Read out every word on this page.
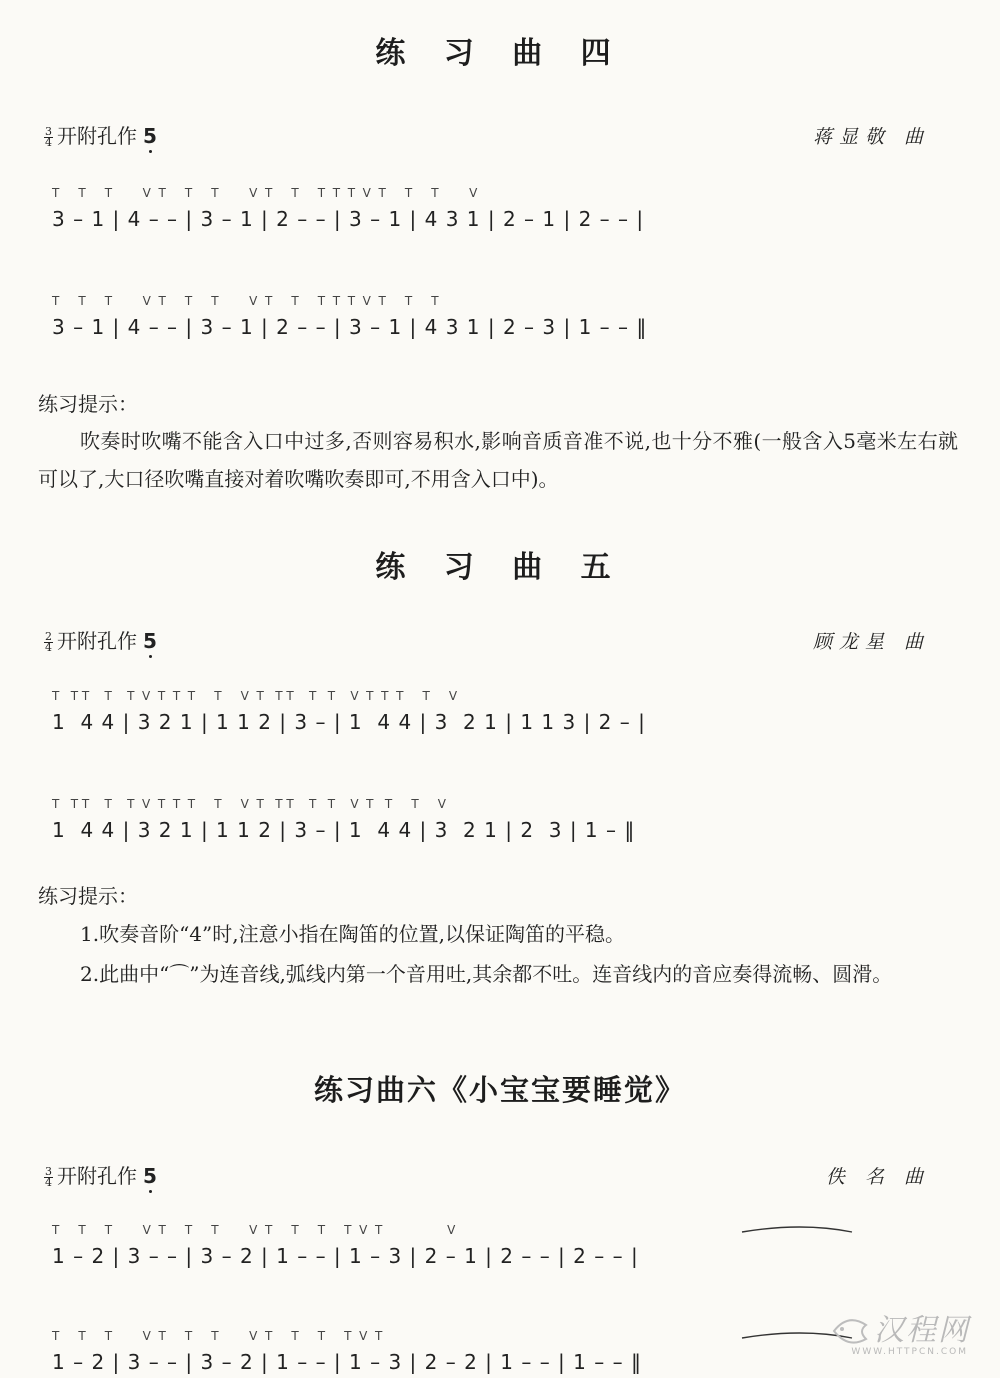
练 习 曲 四
$\frac{3}{4}$ 开附孔作 5	蒋显敬 曲
T     T     T        V  T     T     T        V  T     T     T  T  T  V  T     T     T        V
3 – 1 | 4 – – | 3 – 1 | 2 – – | 3 – 1 | 4 3 1 | 2 – 1 | 2 – – |
T     T     T        V  T     T     T        V  T     T     T  T  T  V  T     T     T
3 – 1 | 4 – – | 3 – 1 | 2 – – | 3 – 1 | 4 3 1 | 2 – 3 | 1 – – ‖
练习提示：
吹奏时吹嘴不能含入口中过多,否则容易积水,影响音质音准不说,也十分不雅(一般含入5毫米左右就可以了,大口径吹嘴直接对着吹嘴吹奏即可,不用含入口中)。
练 习 曲 五
$\frac{2}{4}$ 开附孔作 5	顾龙星 曲
T   T T    T    T  V  T  T  T     T     V  T   T T    T   T    V  T  T  T     T     V
1  4 4 | 3 2 1 | 1 1 2 | 3 – | 1  4 4 | 3  2 1 | 1 1 3 | 2 – |
T   T T    T    T  V  T  T  T     T     V  T   T T    T   T    V  T   T     T     V
1  4 4 | 3 2 1 | 1 1 2 | 3 – | 1  4 4 | 3  2 1 | 2  3 | 1 – ‖
练习提示：
1.吹奏音阶“4”时,注意小指在陶笛的位置,以保证陶笛的平稳。
2.此曲中“⌒”为连音线,弧线内第一个音用吐,其余都不吐。连音线内的音应奏得流畅、圆滑。
练习曲六《小宝宝要睡觉》
$\frac{3}{4}$ 开附孔作 5	佚 名 曲
T     T     T        V  T     T     T        V  T     T     T     T  V  T                 V
1 – 2 | 3 – – | 3 – 2 | 1 – – | 1 – 3 | 2 – 1 | 2 – – | 2 – – |
T     T     T        V  T     T     T        V  T     T     T     T  V  T
1 – 2 | 3 – – | 3 – 2 | 1 – – | 1 – 3 | 2 – 2 | 1 – – | 1 – – ‖
汉程网
WWW.HTTPCN.COM
